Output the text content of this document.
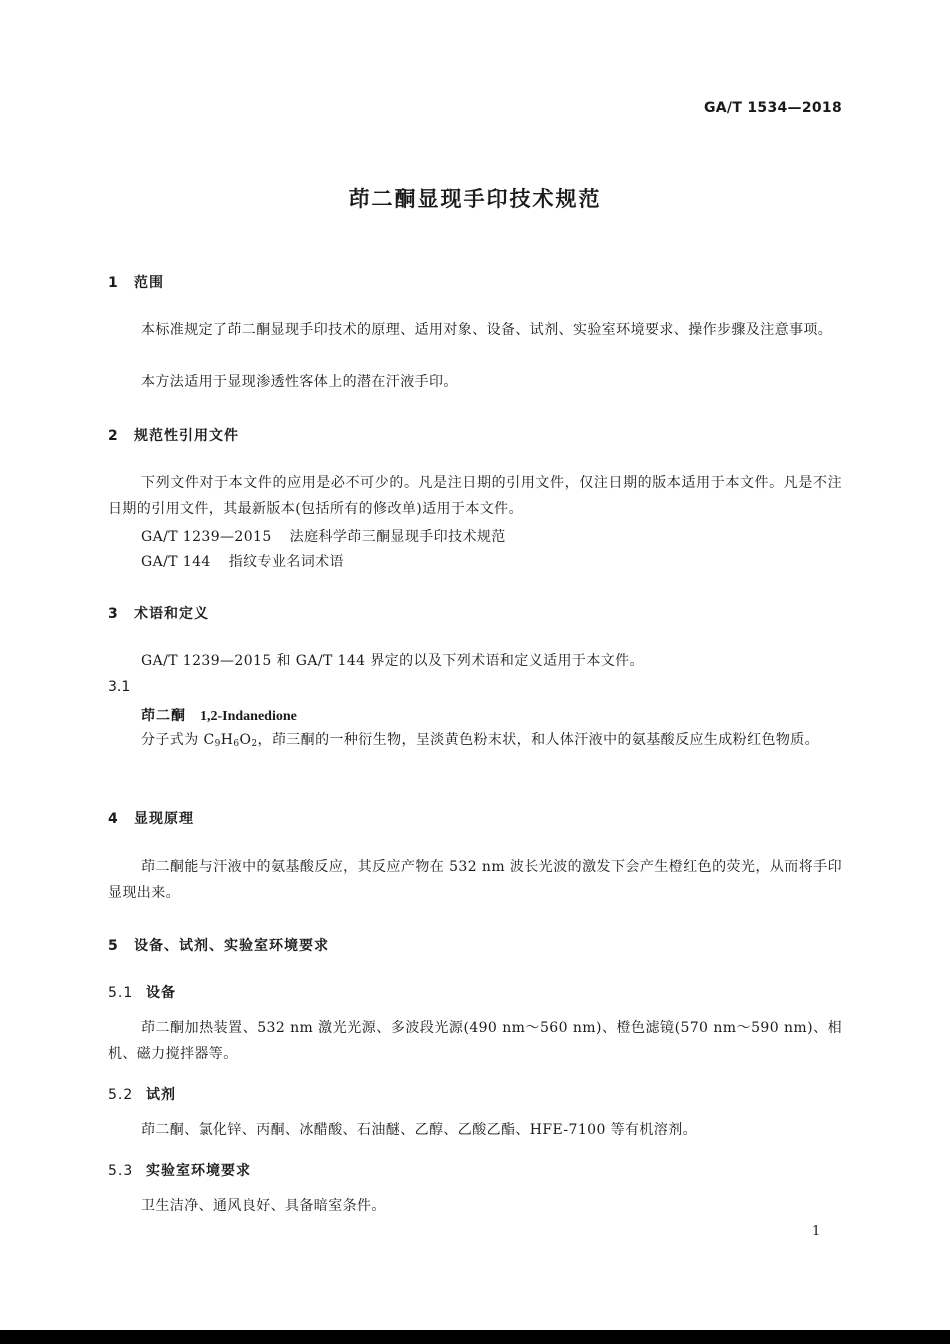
GA/T 1534—2018
茚二酮显现手印技术规范
1 范围
本标准规定了茚二酮显现手印技术的原理、适用对象、设备、试剂、实验室环境要求、操作步骤及注意事项。
本方法适用于显现渗透性客体上的潜在汗液手印。
2 规范性引用文件
下列文件对于本文件的应用是必不可少的。凡是注日期的引用文件，仅注日期的版本适用于本文件。凡是不注日期的引用文件，其最新版本(包括所有的修改单)适用于本文件。
GA/T 1239—2015 法庭科学茚三酮显现手印技术规范
GA/T 144 指纹专业名词术语
3 术语和定义
GA/T 1239—2015 和 GA/T 144 界定的以及下列术语和定义适用于本文件。
3.1
茚二酮 1,2-Indanedione
分子式为 $C_9H_6O_2$，茚三酮的一种衍生物，呈淡黄色粉末状，和人体汗液中的氨基酸反应生成粉红色物质。
4 显现原理
茚二酮能与汗液中的氨基酸反应，其反应产物在 532 nm 波长光波的激发下会产生橙红色的荧光，从而将手印显现出来。
5 设备、试剂、实验室环境要求
5.1 设备
茚二酮加热装置、532 nm 激光光源、多波段光源(490 nm～560 nm)、橙色滤镜(570 nm～590 nm)、相机、磁力搅拌器等。
5.2 试剂
茚二酮、氯化锌、丙酮、冰醋酸、石油醚、乙醇、乙酸乙酯、HFE-7100 等有机溶剂。
5.3 实验室环境要求
卫生洁净、通风良好、具备暗室条件。
1
